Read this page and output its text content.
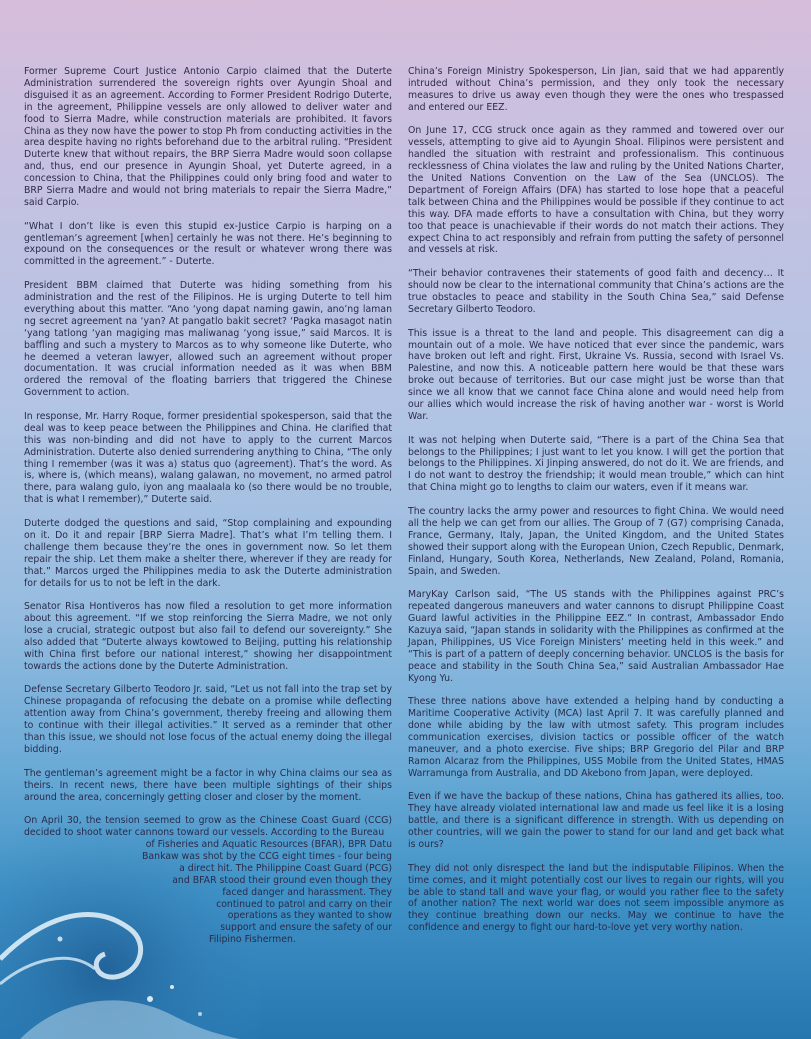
Former Supreme Court Justice Antonio Carpio claimed that the Duterte Administration surrendered the sovereign rights over Ayungin Shoal and disguised it as an agreement. According to Former President Rodrigo Duterte, in the agreement, Philippine vessels are only allowed to deliver water and food to Sierra Madre, while construction materials are prohibited. It favors China as they now have the power to stop Ph from conducting activities in the area despite having no rights beforehand due to the arbitral ruling. “President Duterte knew that without repairs, the BRP Sierra Madre would soon collapse and, thus, end our presence in Ayungin Shoal, yet Duterte agreed, in a concession to China, that the Philippines could only bring food and water to BRP Sierra Madre and would not bring materials to repair the Sierra Madre,” said Carpio.

“What I don’t like is even this stupid ex-Justice Carpio is harping on a gentleman’s agreement [when] certainly he was not there. He’s beginning to expound on the consequences or the result or whatever wrong there was committed in the agreement.” - Duterte.

President BBM claimed that Duterte was hiding something from his administration and the rest of the Filipinos. He is urging Duterte to tell him everything about this matter. “Ano ‘yong dapat naming gawin, ano’ng laman ng secret agreement na ‘yan? At pangatlo bakit secret? ‘Pagka masagot natin ‘yang tatlong ‘yan magiging mas maliwanag ‘yong issue,” said Marcos. It is baffling and such a mystery to Marcos as to why someone like Duterte, who he deemed a veteran lawyer, allowed such an agreement without proper documentation. It was crucial information needed as it was when BBM ordered the removal of the floating barriers that triggered the Chinese Government to action.

In response, Mr. Harry Roque, former presidential spokesperson, said that the deal was to keep peace between the Philippines and China. He clarified that this was non-binding and did not have to apply to the current Marcos Administration. Duterte also denied surrendering anything to China, “The only thing I remember (was it was a) status quo (agreement). That’s the word. As is, where is, (which means), walang galawan, no movement, no armed patrol there, para walang gulo, iyon ang maalaala ko (so there would be no trouble, that is what I remember),” Duterte said.

Duterte dodged the questions and said, “Stop complaining and expounding on it. Do it and repair [BRP Sierra Madre]. That’s what I’m telling them. I challenge them because they’re the ones in government now. So let them repair the ship. Let them make a shelter there, wherever if they are ready for that.” Marcos urged the Philippines media to ask the Duterte administration for details for us to not be left in the dark.

Senator Risa Hontiveros has now filed a resolution to get more information about this agreement. “If we stop reinforcing the Sierra Madre, we not only lose a crucial, strategic outpost but also fail to defend our sovereignty.” She also added that “Duterte always kowtowed to Beijing, putting his relationship with China first before our national interest,” showing her disappointment towards the actions done by the Duterte Administration.

Defense Secretary Gilberto Teodoro Jr. said, “Let us not fall into the trap set by Chinese propaganda of refocusing the debate on a promise while deflecting attention away from China’s government, thereby freeing and allowing them to continue with their illegal activities.” It served as a reminder that other than this issue, we should not lose focus of the actual enemy doing the illegal bidding.

The gentleman’s agreement might be a factor in why China claims our sea as theirs. In recent news, there have been multiple sightings of their ships around the area, concerningly getting closer and closer by the moment.

On April 30, the tension seemed to grow as the Chinese Coast Guard (CCG) decided to shoot water cannons toward our vessels. According to the Bureau
of Fisheries and Aquatic Resources (BFAR), BPR Datu
Bankaw was shot by the CCG eight times - four being
a direct hit. The Philippine Coast Guard (PCG)
and BFAR stood their ground even though they
faced danger and harassment. They
continued to patrol and carry on their
operations as they wanted to show
support and ensure the safety of our
Filipino Fishermen.

China’s Foreign Ministry Spokesperson, Lin Jian, said that we had apparently intruded without China’s permission, and they only took the necessary measures to drive us away even though they were the ones who trespassed and entered our EEZ.

On June 17, CCG struck once again as they rammed and towered over our vessels, attempting to give aid to Ayungin Shoal. Filipinos were persistent and handled the situation with restraint and professionalism. This continuous recklessness of China violates the law and ruling by the United Nations Charter, the United Nations Convention on the Law of the Sea (UNCLOS). The Department of Foreign Affairs (DFA) has started to lose hope that a peaceful talk between China and the Philippines would be possible if they continue to act this way. DFA made efforts to have a consultation with China, but they worry too that peace is unachievable if their words do not match their actions. They expect China to act responsibly and refrain from putting the safety of personnel and vessels at risk.

“Their behavior contravenes their statements of good faith and decency… It should now be clear to the international community that China’s actions are the true obstacles to peace and stability in the South China Sea,” said Defense Secretary Gilberto Teodoro.

This issue is a threat to the land and people. This disagreement can dig a mountain out of a mole. We have noticed that ever since the pandemic, wars have broken out left and right. First, Ukraine Vs. Russia, second with Israel Vs. Palestine, and now this. A noticeable pattern here would be that these wars broke out because of territories. But our case might just be worse than that since we all know that we cannot face China alone and would need help from our allies which would increase the risk of having another war - worst is World War.

It was not helping when Duterte said, “There is a part of the China Sea that belongs to the Philippines; I just want to let you know. I will get the portion that belongs to the Philippines. Xi Jinping answered, do not do it. We are friends, and I do not want to destroy the friendship; it would mean trouble,” which can hint that China might go to lengths to claim our waters, even if it means war.

The country lacks the army power and resources to fight China. We would need all the help we can get from our allies. The Group of 7 (G7) comprising Canada, France, Germany, Italy, Japan, the United Kingdom, and the United States showed their support along with the European Union, Czech Republic, Denmark, Finland, Hungary, South Korea, Netherlands, New Zealand, Poland, Romania, Spain, and Sweden.

MaryKay Carlson said, “The US stands with the Philippines against PRC’s repeated dangerous maneuvers and water cannons to disrupt Philippine Coast Guard lawful activities in the Philippine EEZ.” In contrast, Ambassador Endo Kazuya said, “Japan stands in solidarity with the Philippines as confirmed at the Japan, Philippines, US Vice Foreign Ministers’ meeting held in this week.” and “This is part of a pattern of deeply concerning behavior. UNCLOS is the basis for peace and stability in the South China Sea,” said Australian Ambassador Hae Kyong Yu.

These three nations above have extended a helping hand by conducting a Maritime Cooperative Activity (MCA) last April 7. It was carefully planned and done while abiding by the law with utmost safety. This program includes communication exercises, division tactics or possible officer of the watch maneuver, and a photo exercise. Five ships; BRP Gregorio del Pilar and BRP Ramon Alcaraz from the Philippines, USS Mobile from the United States, HMAS Warramunga from Australia, and DD Akebono from Japan, were deployed.

Even if we have the backup of these nations, China has gathered its allies, too. They have already violated international law and made us feel like it is a losing battle, and there is a significant difference in strength. With us depending on other countries, will we gain the power to stand for our land and get back what is ours?

They did not only disrespect the land but the indisputable Filipinos. When the time comes, and it might potentially cost our lives to regain our rights, will you be able to stand tall and wave your flag, or would you rather flee to the safety of another nation? The next world war does not seem impossible anymore as they continue breathing down our necks. May we continue to have the confidence and energy to fight our hard-to-love yet very worthy nation.
